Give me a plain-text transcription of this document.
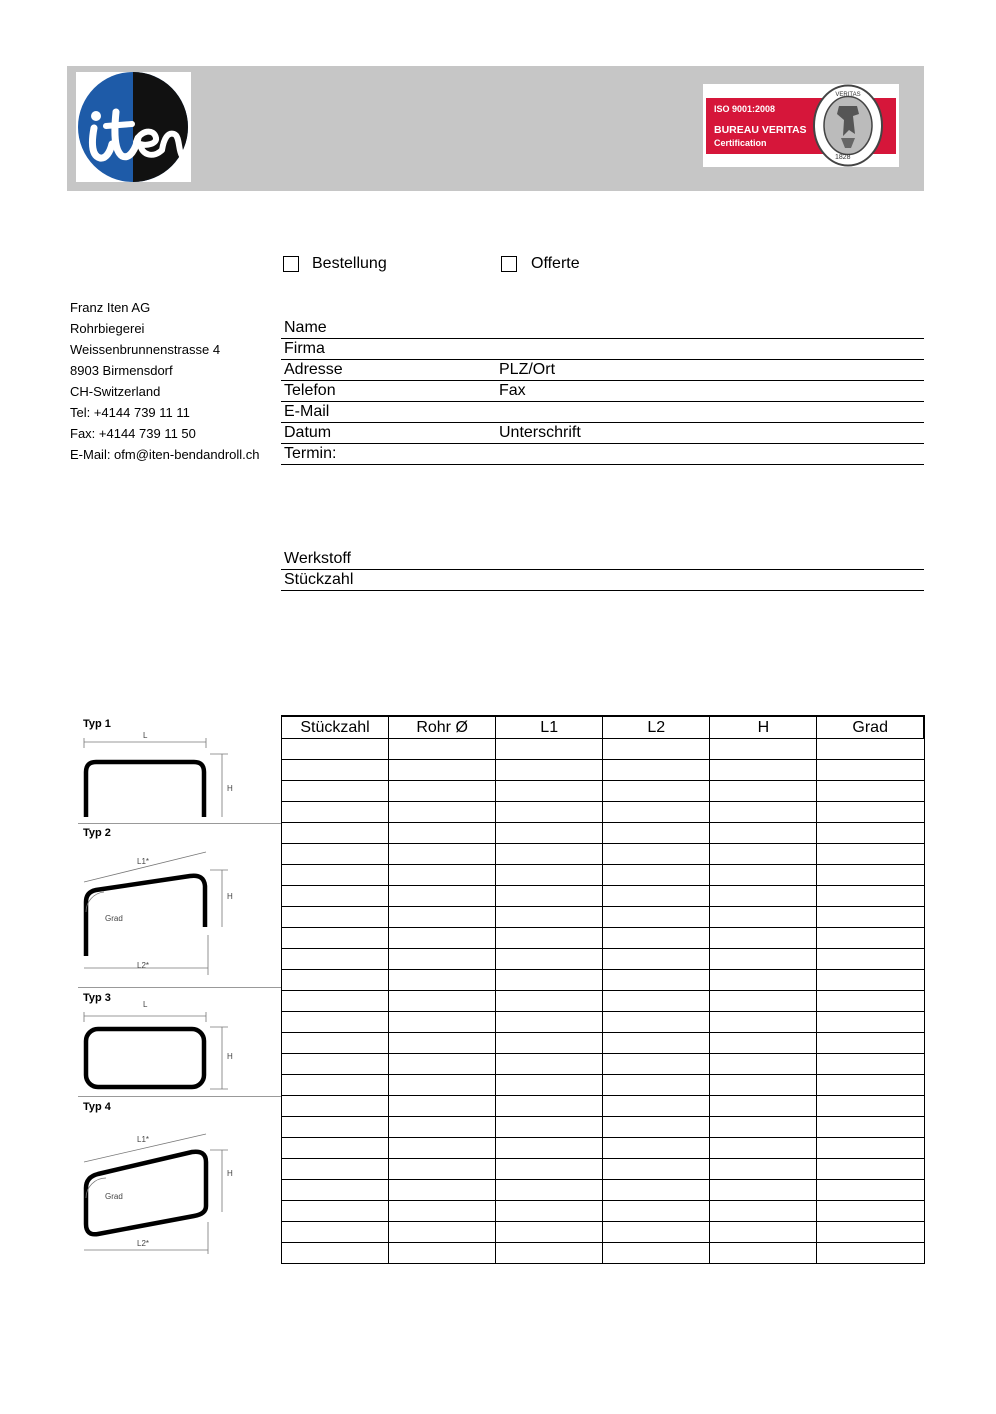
ISO 9001:2008
BUREAU VERITAS
Certification
VERITAS
1828
Bestellung	Offerte
Franz Iten AG
Rohrbiegerei
Weissenbrunnenstrasse 4
8903 Birmensdorf
CH-Switzerland
Tel: +4144 739 11 11
Fax: +4144 739 11 50
E-Mail: ofm@iten-bendandroll.ch
Name
Firma
Adresse	PLZ/Ort
Telefon	Fax
E-Mail
Datum	Unterschrift
Termin:
Werkstoff
Stückzahl
Typ 1
L
H
Typ 2
L1*
H
Grad
L2*
Typ 3
L
H
Typ 4
L1*
H
Grad
L2*
Stückzahl	Rohr Ø	L1	L2	H	Grad
